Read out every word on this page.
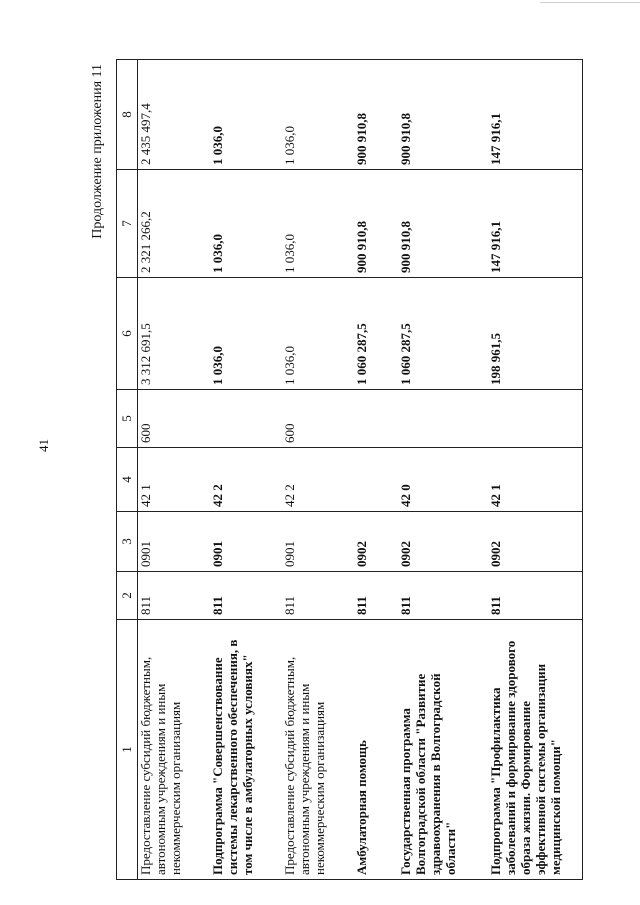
41
Продолжение приложения 11
1	2	3	4	5	6	7	8
Предоставление субсидий бюджетным, автономным учреждениям и иным некоммерческим организациям	811	0901	42 1	600	3 312 691,5	2 321 266,2	2 435 497,4
Подпрограмма "Совершенствование системы лекарственного обеспечения, в том числе в амбулаторных условиях"	811	0901	42 2		1 036,0	1 036,0	1 036,0
Предоставление субсидий бюджетным, автономным учреждениям и иным некоммерческим организациям	811	0901	42 2	600	1 036,0	1 036,0	1 036,0
Амбулаторная помощь	811	0902			1 060 287,5	900 910,8	900 910,8
Государственная программа Волгоградской области "Развитие здравоохранения в Волгоградской области"	811	0902	42 0		1 060 287,5	900 910,8	900 910,8
Подпрограмма "Профилактика заболеваний и формирование здорового образа жизни. Формирование эффективной системы организации медицинской помощи"	811	0902	42 1		198 961,5	147 916,1	147 916,1
